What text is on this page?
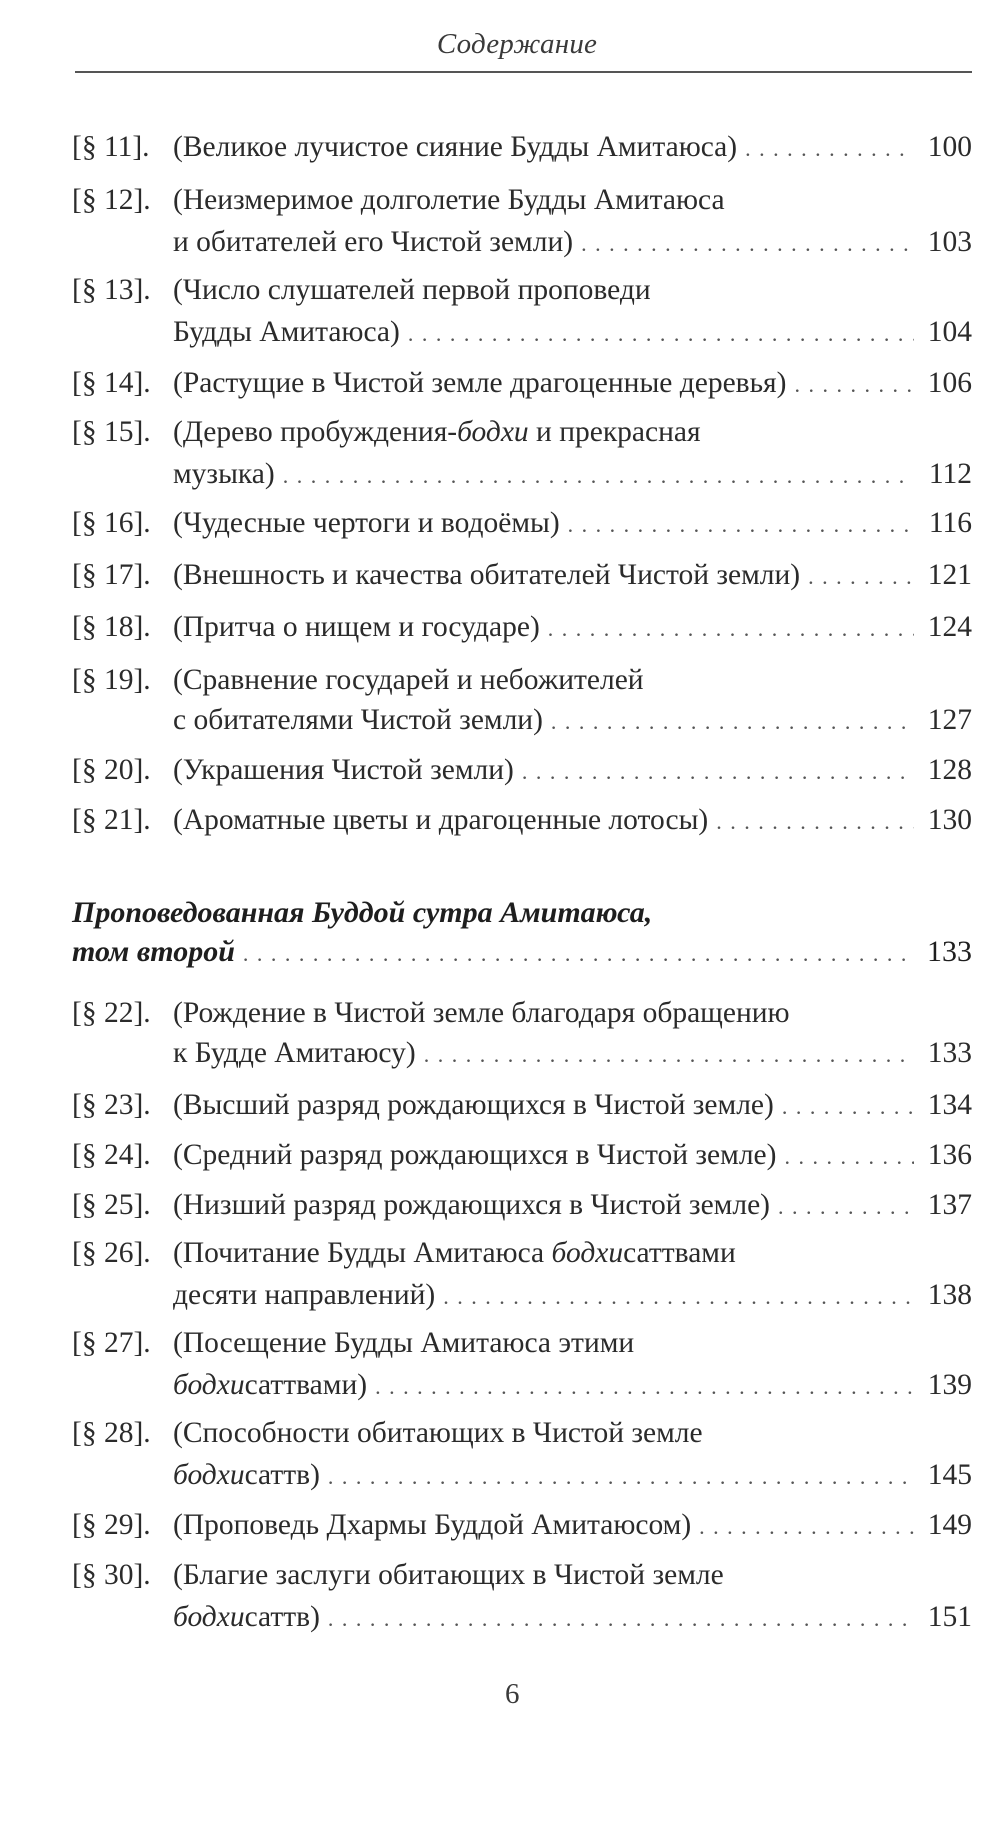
Содержание
[§ 11]. (Великое лучистое сияние Будды Амитаюса) . . .	100
[§ 12]. (Неизмеримое долголетие Будды Амитаюса
и обитателей его Чистой земли) . . .	103
[§ 13]. (Число слушателей первой проповеди
Будды Амитаюса) . . .	104
[§ 14]. (Растущие в Чистой земле драгоценные деревья) . . .	106
[§ 15]. (Дерево пробуждения-бодхи и прекрасная
музыка) . . .	112
[§ 16]. (Чудесные чертоги и водоёмы) . . .	116
[§ 17]. (Внешность и качества обитателей Чистой земли) . . .	121
[§ 18]. (Притча о нищем и государе) . . .	124
[§ 19]. (Сравнение государей и небожителей
с обитателями Чистой земли) . . .	127
[§ 20]. (Украшения Чистой земли) . . .	128
[§ 21]. (Ароматные цветы и драгоценные лотосы) . . .	130
Проповедованная Буддой сутра Амитаюса,
том второй . . .	133
[§ 22]. (Рождение в Чистой земле благодаря обращению
к Будде Амитаюсу) . . .	133
[§ 23]. (Высший разряд рождающихся в Чистой земле) . . .	134
[§ 24]. (Средний разряд рождающихся в Чистой земле) . . .	136
[§ 25]. (Низший разряд рождающихся в Чистой земле) . . .	137
[§ 26]. (Почитание Будды Амитаюса бодхисаттвами
десяти направлений) . . .	138
[§ 27]. (Посещение Будды Амитаюса этими
бодхисаттвами) . . .	139
[§ 28]. (Способности обитающих в Чистой земле
бодхисаттв) . . .	145
[§ 29]. (Проповедь Дхармы Буддой Амитаюсом) . . .	149
[§ 30]. (Благие заслуги обитающих в Чистой земле
бодхисаттв) . . .	151
6
